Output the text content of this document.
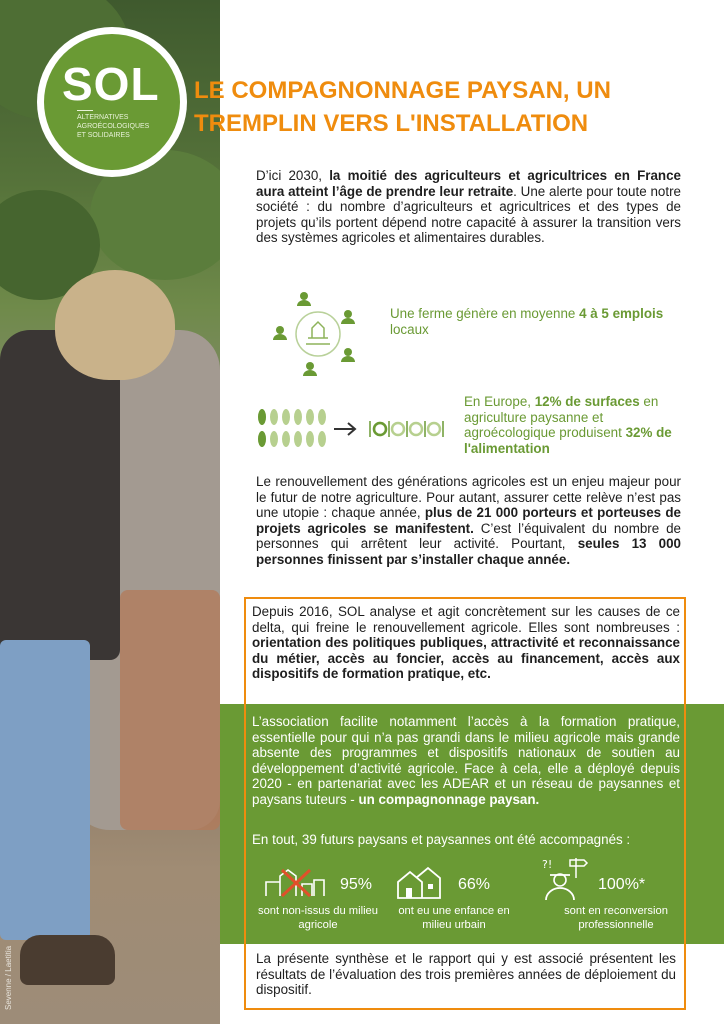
Sevenne / Laetitia
SOL
ALTERNATIVES
AGROÉCOLOGIQUES
ET SOLIDAIRES
LE COMPAGNONNAGE PAYSAN, UN TREMPLIN VERS L'INSTALLATION

D’ici 2030, la moitié des agriculteurs et agricultrices en France aura atteint l’âge de prendre leur retraite. Une alerte pour toute notre société : du nombre d’agriculteurs et agricultrices et des types de projets qu’ils portent dépend notre capacité à assurer la transition vers des systèmes agricoles et alimentaires durables.

Une ferme génère en moyenne 4 à 5 emplois locaux

En Europe, 12% de surfaces en agriculture paysanne et agroécologique produisent 32% de l'alimentation

Le renouvellement des générations agricoles est un enjeu majeur pour le futur de notre agriculture. Pour autant, assurer cette relève n’est pas une utopie : chaque année, plus de 21 000 porteurs et porteuses de projets agricoles se manifestent. C’est l’équivalent du nombre de personnes qui arrêtent leur activité. Pourtant, seules 13 000 personnes finissent par s’installer chaque année.

Depuis 2016, SOL analyse et agit concrètement sur les causes de ce delta, qui freine le renouvellement agricole. Elles sont nombreuses : orientation des politiques publiques, attractivité et reconnaissance du métier, accès au foncier, accès au financement, accès aux dispositifs de formation pratique, etc.

L’association facilite notamment l’accès à la formation pratique, essentielle pour qui n’a pas grandi dans le milieu agricole mais grande absente des programmes et dispositifs nationaux de soutien au développement d’activité agricole. Face à cela, elle a déployé depuis 2020 - en partenariat avec les ADEAR et un réseau de paysannes et paysans tuteurs - un compagnonnage paysan.

En tout, 39 futurs paysans et paysannes ont été accompagnés :

95%
sont non-issus du milieu agricole
66%
ont eu une enfance en milieu urbain
?!
100%*
sont en reconversion professionnelle

La présente synthèse et le rapport qui y est associé présentent les résultats de l’évaluation des trois premières années de déploiement du dispositif.
